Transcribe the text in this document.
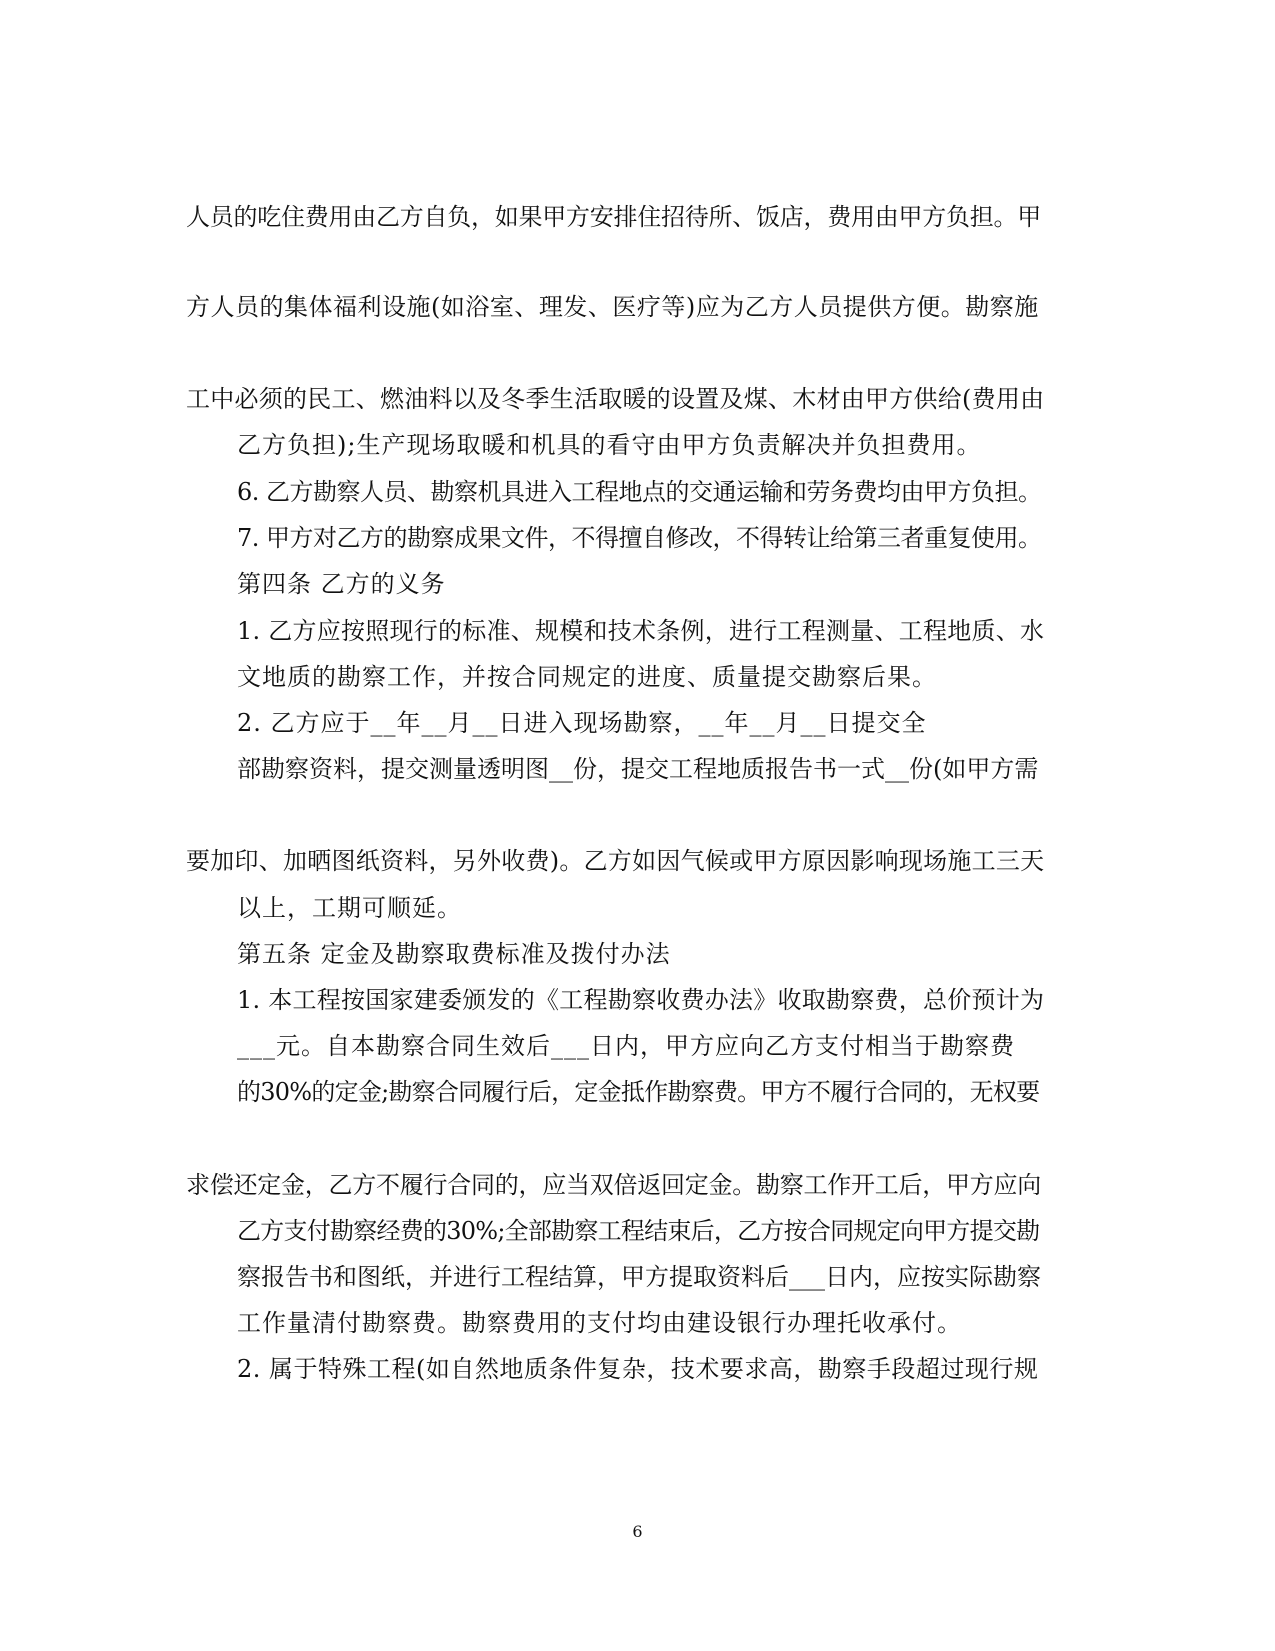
人员的吃住费用由乙方自负，如果甲方安排住招待所、饭店，费用由甲方负担。甲
方人员的集体福利设施(如浴室、理发、医疗等)应为乙方人员提供方便。勘察施
工中必须的民工、燃油料以及冬季生活取暖的设置及煤、木材由甲方供给(费用由
乙方负担);生产现场取暖和机具的看守由甲方负责解决并负担费用。
6. 乙方勘察人员、勘察机具进入工程地点的交通运输和劳务费均由甲方负担。
7. 甲方对乙方的勘察成果文件，不得擅自修改，不得转让给第三者重复使用。
第四条 乙方的义务
1. 乙方应按照现行的标准、规模和技术条例，进行工程测量、工程地质、水
文地质的勘察工作，并按合同规定的进度、质量提交勘察后果。
2. 乙方应于__年__月__日进入现场勘察，__年__月__日提交全
部勘察资料，提交测量透明图__份，提交工程地质报告书一式__份(如甲方需
要加印、加晒图纸资料，另外收费)。乙方如因气候或甲方原因影响现场施工三天
以上，工期可顺延。
第五条 定金及勘察取费标准及拨付办法
1. 本工程按国家建委颁发的《工程勘察收费办法》收取勘察费，总价预计为
___元。自本勘察合同生效后___日内，甲方应向乙方支付相当于勘察费
的30%的定金;勘察合同履行后，定金抵作勘察费。甲方不履行合同的，无权要
求偿还定金，乙方不履行合同的，应当双倍返回定金。勘察工作开工后，甲方应向
乙方支付勘察经费的30%;全部勘察工程结束后，乙方按合同规定向甲方提交勘
察报告书和图纸，并进行工程结算，甲方提取资料后___日内，应按实际勘察
工作量清付勘察费。勘察费用的支付均由建设银行办理托收承付。
2. 属于特殊工程(如自然地质条件复杂，技术要求高，勘察手段超过现行规
6
